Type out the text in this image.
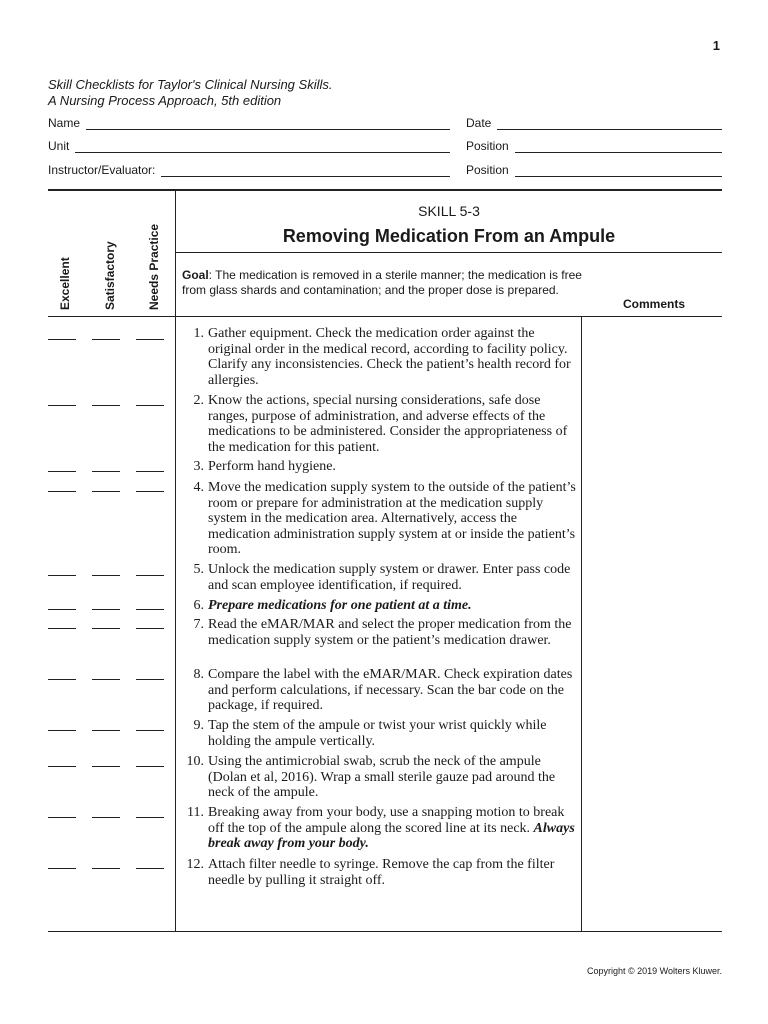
1
Skill Checklists for Taylor's Clinical Nursing Skills.
A Nursing Process Approach, 5th edition
Name	Date
Unit	Position
Instructor/Evaluator:	Position
Excellent	Satisfactory	Needs Practice
SKILL 5-3
Removing Medication From an Ampule
Goal: The medication is removed in a sterile manner; the medication is free from glass shards and contamination; and the proper dose is prepared.
Comments
1. Gather equipment. Check the medication order against the original order in the medical record, according to facility policy. Clarify any inconsistencies. Check the patient’s health record for allergies.
2. Know the actions, special nursing considerations, safe dose ranges, purpose of administration, and adverse effects of the medications to be administered. Consider the appropriateness of the medication for this patient.
3. Perform hand hygiene.
4. Move the medication supply system to the outside of the patient’s room or prepare for administration at the medication supply system in the medication area. Alternatively, access the medication administration supply system at or inside the patient’s room.
5. Unlock the medication supply system or drawer. Enter pass code and scan employee identification, if required.
6. Prepare medications for one patient at a time.
7. Read the eMAR/MAR and select the proper medication from the medication supply system or the patient’s medication drawer.
8. Compare the label with the eMAR/MAR. Check expiration dates and perform calculations, if necessary. Scan the bar code on the package, if required.
9. Tap the stem of the ampule or twist your wrist quickly while holding the ampule vertically.
10. Using the antimicrobial swab, scrub the neck of the ampule (Dolan et al, 2016). Wrap a small sterile gauze pad around the neck of the ampule.
11. Breaking away from your body, use a snapping motion to break off the top of the ampule along the scored line at its neck. Always break away from your body.
12. Attach filter needle to syringe. Remove the cap from the filter needle by pulling it straight off.
Copyright © 2019 Wolters Kluwer.
